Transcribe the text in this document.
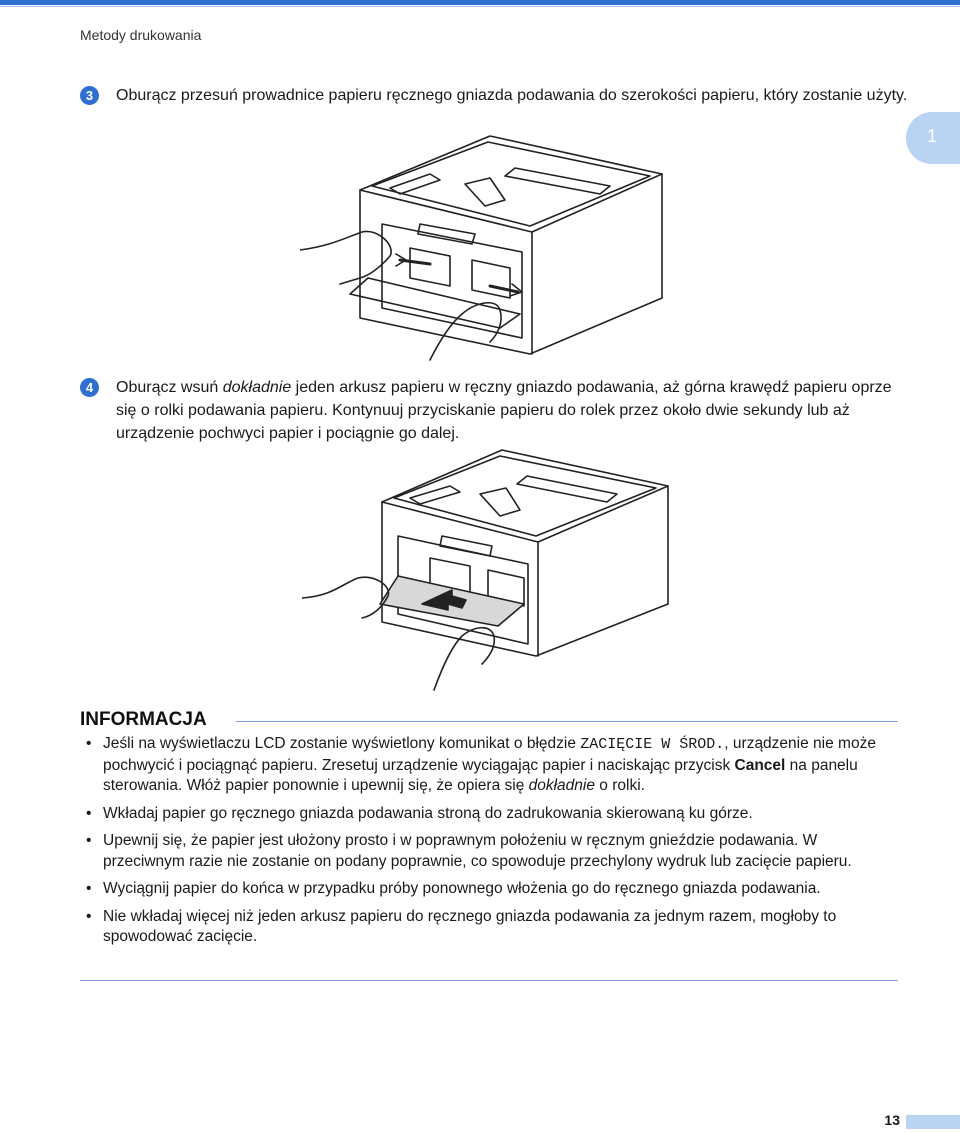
Metody drukowania
1
3	Oburącz przesuń prowadnice papieru ręcznego gniazda podawania do szerokości papieru, który zostanie użyty.
4	Oburącz wsuń dokładnie jeden arkusz papieru w ręczny gniazdo podawania, aż górna krawędź papieru oprze się o rolki podawania papieru. Kontynuuj przyciskanie papieru do rolek przez około dwie sekundy lub aż urządzenie pochwyci papier i pociągnie go dalej.
INFORMACJA
• Jeśli na wyświetlaczu LCD zostanie wyświetlony komunikat o błędzie ZACIĘCIE W ŚROD., urządzenie nie może pochwycić i pociągnąć papieru. Zresetuj urządzenie wyciągając papier i naciskając przycisk Cancel na panelu sterowania. Włóż papier ponownie i upewnij się, że opiera się dokładnie o rolki.
• Wkładaj papier go ręcznego gniazda podawania stroną do zadrukowania skierowaną ku górze.
• Upewnij się, że papier jest ułożony prosto i w poprawnym położeniu w ręcznym gnieździe podawania. W przeciwnym razie nie zostanie on podany poprawnie, co spowoduje przechylony wydruk lub zacięcie papieru.
• Wyciągnij papier do końca w przypadku próby ponownego włożenia go do ręcznego gniazda podawania.
• Nie wkładaj więcej niż jeden arkusz papieru do ręcznego gniazda podawania za jednym razem, mogłoby to spowodować zacięcie.
13
